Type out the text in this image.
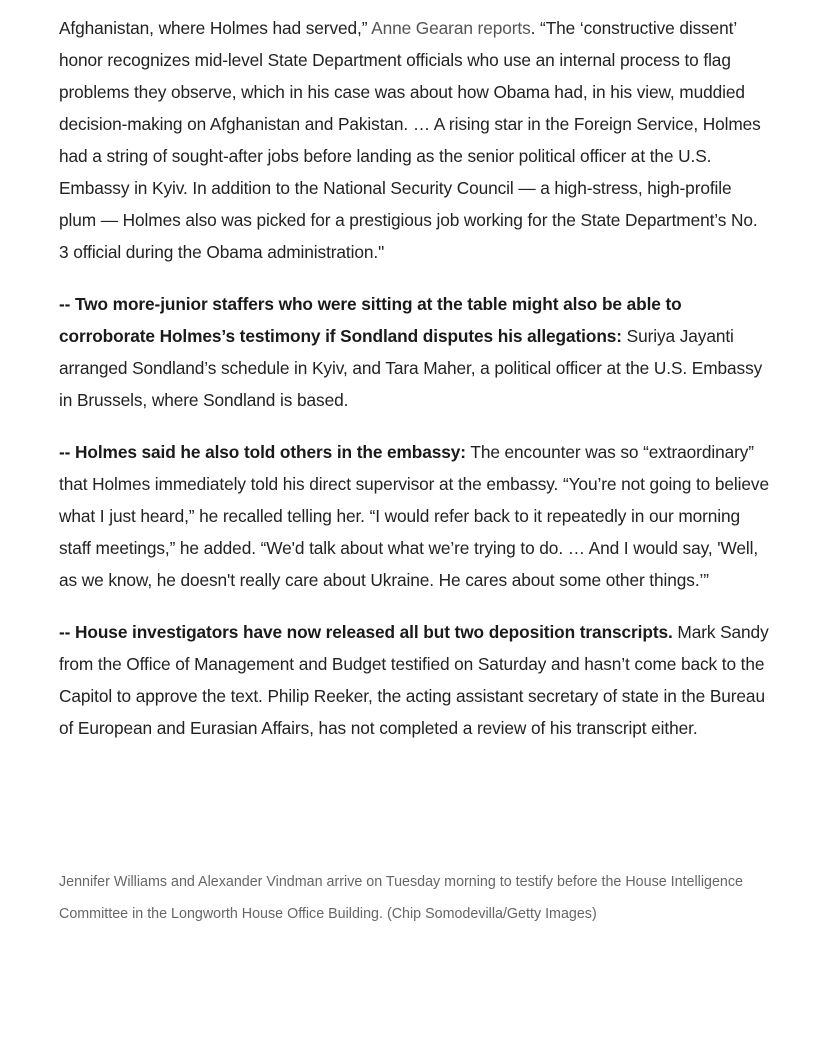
Afghanistan, where Holmes had served,” Anne Gearan reports. “The ‘constructive dissent’ honor recognizes mid-level State Department officials who use an internal process to flag problems they observe, which in his case was about how Obama had, in his view, muddied decision-making on Afghanistan and Pakistan. … A rising star in the Foreign Service, Holmes had a string of sought-after jobs before landing as the senior political officer at the U.S. Embassy in Kyiv. In addition to the National Security Council — a high-stress, high-profile plum — Holmes also was picked for a prestigious job working for the State Department’s No. 3 official during the Obama administration."

-- Two more-junior staffers who were sitting at the table might also be able to corroborate Holmes’s testimony if Sondland disputes his allegations: Suriya Jayanti arranged Sondland’s schedule in Kyiv, and Tara Maher, a political officer at the U.S. Embassy in Brussels, where Sondland is based.

-- Holmes said he also told others in the embassy: The encounter was so “extraordinary” that Holmes immediately told his direct supervisor at the embassy. “You’re not going to believe what I just heard,” he recalled telling her. “I would refer back to it repeatedly in our morning staff meetings,” he added. “We'd talk about what we’re trying to do. … And I would say, 'Well, as we know, he doesn't really care about Ukraine. He cares about some other things.’”

-- House investigators have now released all but two deposition transcripts. Mark Sandy from the Office of Management and Budget testified on Saturday and hasn’t come back to the Capitol to approve the text. Philip Reeker, the acting assistant secretary of state in the Bureau of European and Eurasian Affairs, has not completed a review of his transcript either.

Jennifer Williams and Alexander Vindman arrive on Tuesday morning to testify before the House Intelligence Committee in the Longworth House Office Building. (Chip Somodevilla/Getty Images)
